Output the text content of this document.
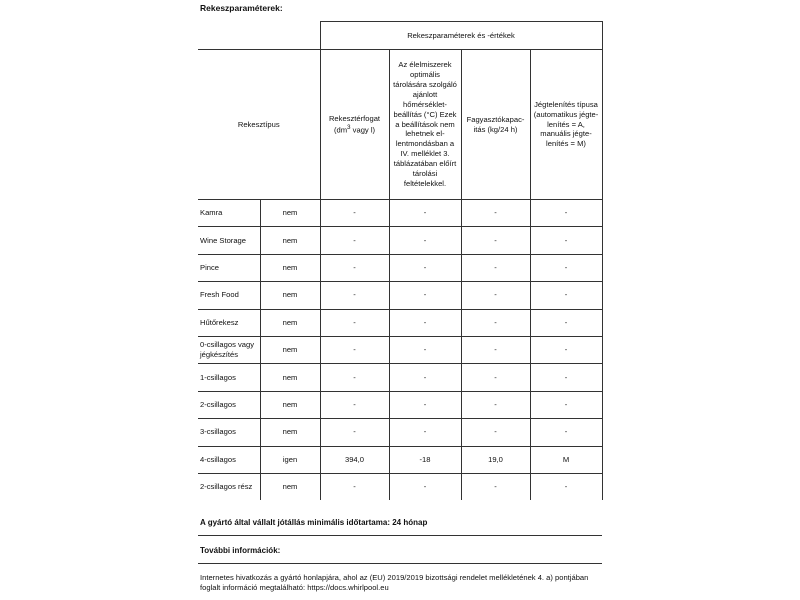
Rekeszparaméterek:
		Rekeszparaméterek és -értékek			
Rekesztípus		Rekesztérfogat ($dm^3$ vagy l)	Az élelmiszerek optimális tárolására szolgáló ajánlott hőmérséklet-beállítás (°C) Ezek a beállítások nem lehetnek ellentmondásban a IV. melléklet 3. táblázatában előírt tárolási feltételekkel.	Fagyasztókapacitás (kg/24 h)	Jégtelenítés típusa (automatikus jégtelenítés = A, manuális jégtelenítés = M)
Kamra	nem	-	-	-	-
Wine Storage	nem	-	-	-	-
Pince	nem	-	-	-	-
Fresh Food	nem	-	-	-	-
Hűtőrekesz	nem	-	-	-	-
0-csillagos vagy jégkészítés	nem	-	-	-	-
1-csillagos	nem	-	-	-	-
2-csillagos	nem	-	-	-	-
3-csillagos	nem	-	-	-	-
4-csillagos	igen	394,0	-18	19,0	M
2-csillagos rész	nem	-	-	-	-
A gyártó által vállalt jótállás minimális időtartama: 24 hónap
További információk:
Internetes hivatkozás a gyártó honlapjára, ahol az (EU) 2019/2019 bizottsági rendelet mellékletének 4. a) pontjában foglalt információ megtalálható: https://docs.whirlpool.eu
